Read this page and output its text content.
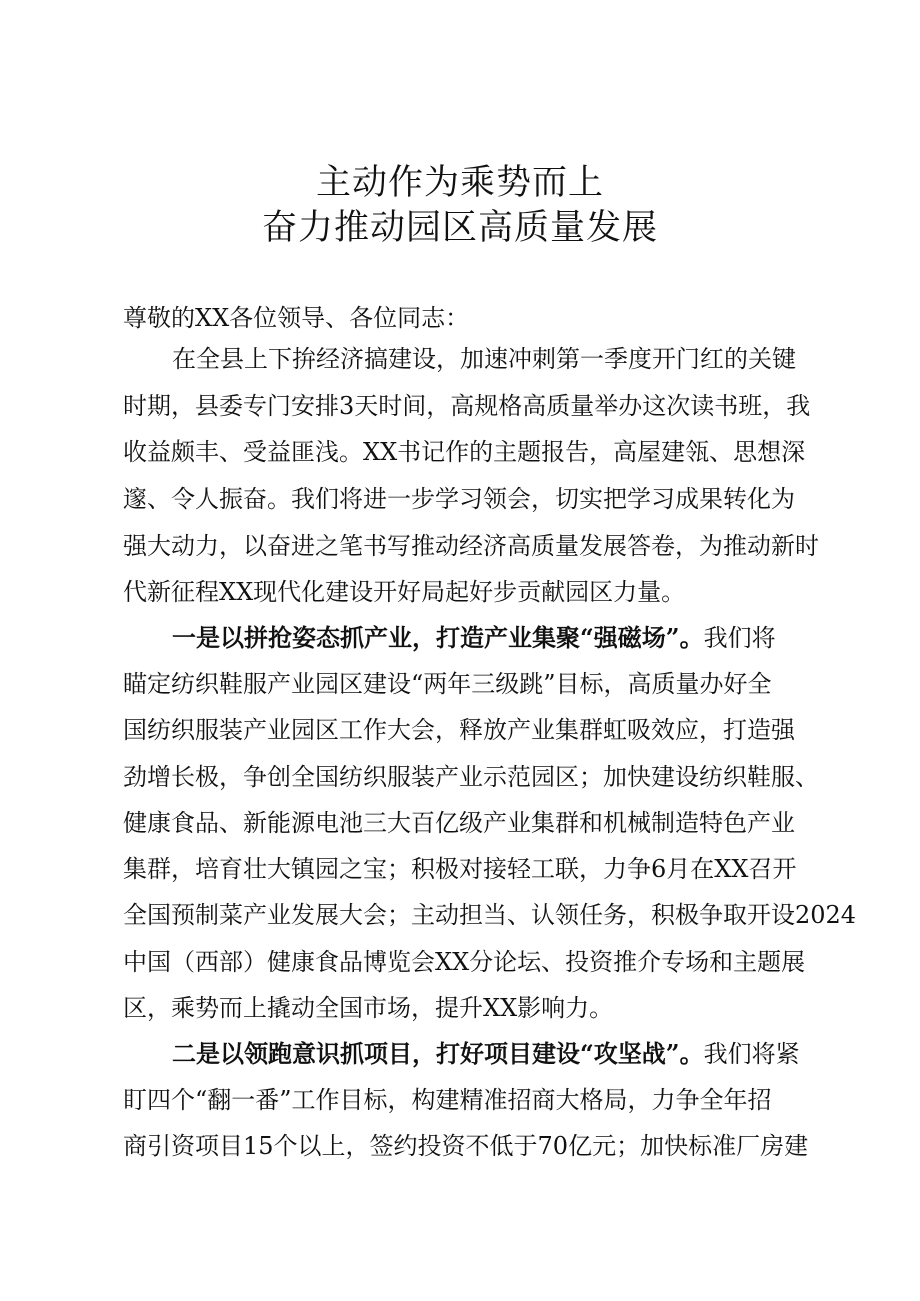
主动作为乘势而上
奋力推动园区高质量发展

尊敬的XX各位领导、各位同志：

在全县上下拚经济搞建设，加速冲刺第一季度开门红的关键

时期，县委专门安排3天时间，高规格高质量举办这次读书班，我

收益颇丰、受益匪浅。XX书记作的主题报告，高屋建瓴、思想深

邃、令人振奋。我们将进一步学习领会，切实把学习成果转化为

强大动力，以奋进之笔书写推动经济高质量发展答卷，为推动新时

代新征程XX现代化建设开好局起好步贡献园区力量。

一是以拼抢姿态抓产业，打造产业集聚“强磁场”。我们将

瞄定纺织鞋服产业园区建设“两年三级跳”目标，高质量办好全

国纺织服装产业园区工作大会，释放产业集群虹吸效应，打造强

劲增长极，争创全国纺织服装产业示范园区；加快建设纺织鞋服、

健康食品、新能源电池三大百亿级产业集群和机械制造特色产业

集群，培育壮大镇园之宝；积极对接轻工联，力争6月在XX召开

全国预制菜产业发展大会；主动担当、认领任务，积极争取开设2024

中国（西部）健康食品博览会XX分论坛、投资推介专场和主题展

区，乘势而上撬动全国市场，提升XX影响力。

二是以领跑意识抓项目，打好项目建设“攻坚战”。我们将紧

盯四个“翻一番”工作目标，构建精准招商大格局，力争全年招

商引资项目15个以上，签约投资不低于70亿元；加快标准厂房建
